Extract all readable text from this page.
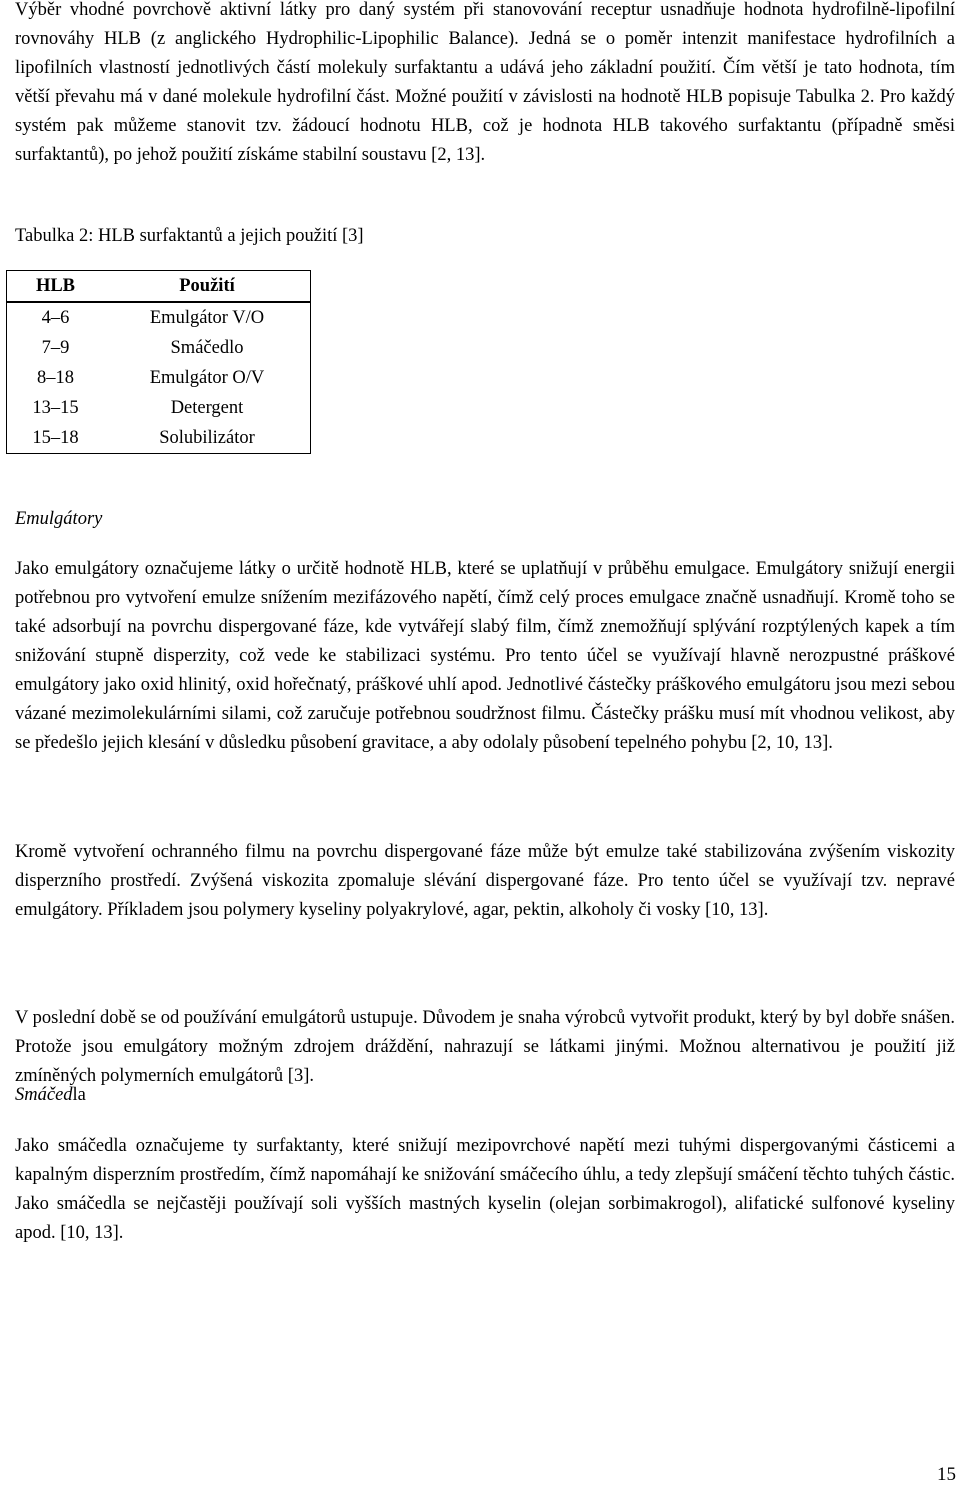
Výběr vhodné povrchově aktivní látky pro daný systém při stanovování receptur usnadňuje hodnota hydrofilně-lipofilní rovnováhy HLB (z anglického Hydrophilic-Lipophilic Balance). Jedná se o poměr intenzit manifestace hydrofilních a lipofilních vlastností jednotlivých částí molekuly surfaktantu a udává jeho základní použití. Čím větší je tato hodnota, tím větší převahu má v dané molekule hydrofilní část. Možné použití v závislosti na hodnotě HLB popisuje Tabulka 2. Pro každý systém pak můžeme stanovit tzv. žádoucí hodnotu HLB, což je hodnota HLB takového surfaktantu (případně směsi surfaktantů), po jehož použití získáme stabilní soustavu [2, 13].

Tabulka 2: HLB surfaktantů a jejich použití [3]

HLB	Použití
4–6	Emulgátor V/O
7–9	Smáčedlo
8–18	Emulgátor O/V
13–15	Detergent
15–18	Solubilizátor

Emulgátory

Jako emulgátory označujeme látky o určitě hodnotě HLB, které se uplatňují v průběhu emulgace. Emulgátory snižují energii potřebnou pro vytvoření emulze snížením mezifázového napětí, čímž celý proces emulgace značně usnadňují. Kromě toho se také adsorbují na povrchu dispergované fáze, kde vytvářejí slabý film, čímž znemožňují splývání rozptýlených kapek a tím snižování stupně disperzity, což vede ke stabilizaci systému. Pro tento účel se využívají hlavně nerozpustné práškové emulgátory jako oxid hlinitý, oxid hořečnatý, práškové uhlí apod. Jednotlivé částečky práškového emulgátoru jsou mezi sebou vázané mezimolekulárními silami, což zaručuje potřebnou soudržnost filmu. Částečky prášku musí mít vhodnou velikost, aby se předešlo jejich klesání v důsledku působení gravitace, a aby odolaly působení tepelného pohybu [2, 10, 13].

Kromě vytvoření ochranného filmu na povrchu dispergované fáze může být emulze také stabilizována zvýšením viskozity disperzního prostředí. Zvýšená viskozita zpomaluje slévání dispergované fáze. Pro tento účel se využívají tzv. nepravé emulgátory. Příkladem jsou polymery kyseliny polyakrylové, agar, pektin, alkoholy či vosky [10, 13].

V poslední době se od používání emulgátorů ustupuje. Důvodem je snaha výrobců vytvořit produkt, který by byl dobře snášen. Protože jsou emulgátory možným zdrojem dráždění, nahrazují se látkami jinými. Možnou alternativou je použití již zmíněných polymerních emulgátorů [3].

Smáčedla

Jako smáčedla označujeme ty surfaktanty, které snižují mezipovrchové napětí mezi tuhými dispergovanými částicemi a kapalným disperzním prostředím, čímž napomáhají ke snižování smáčecího úhlu, a tedy zlepšují smáčení těchto tuhých částic. Jako smáčedla se nejčastěji používají soli vyšších mastných kyselin (olejan sorbimakrogol), alifatické sulfonové kyseliny apod. [10, 13].

15
